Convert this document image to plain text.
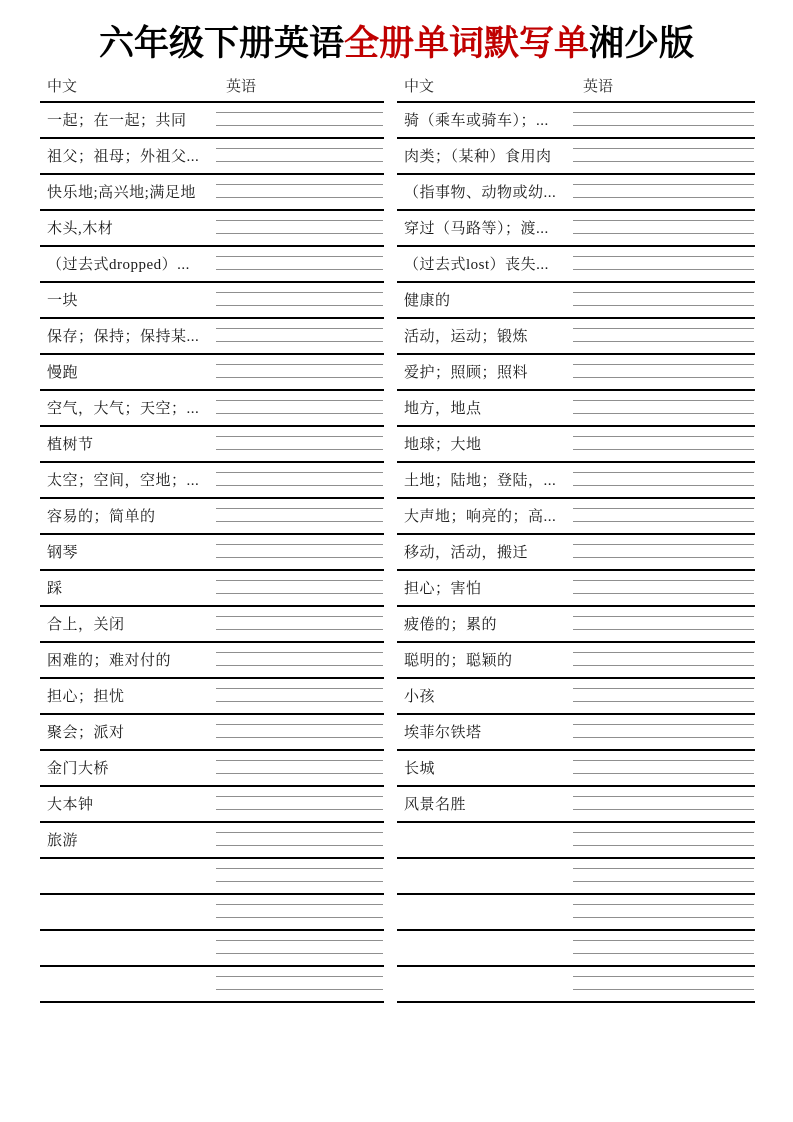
六年级下册英语全册单词默写单湘少版
中文	英语
一起；在一起；共同
祖父；祖母；外祖父...
快乐地;高兴地;满足地
木头,木材
（过去式dropped）...
一块
保存；保持；保持某...
慢跑
空气，大气；天空；...
植树节
太空；空间，空地；...
容易的；简单的
钢琴
踩
合上，关闭
困难的；难对付的
担心；担忧
聚会；派对
金门大桥
大本钟
旅游
中文	英语
骑（乘车或骑车）；...
肉类；（某种）食用肉
（指事物、动物或幼...
穿过（马路等）；渡...
（过去式lost）丧失...
健康的
活动，运动；锻炼
爱护；照顾；照料
地方，地点
地球；大地
土地；陆地；登陆，...
大声地；响亮的；高...
移动，活动，搬迁
担心；害怕
疲倦的；累的
聪明的；聪颖的
小孩
埃菲尔铁塔
长城
风景名胜
